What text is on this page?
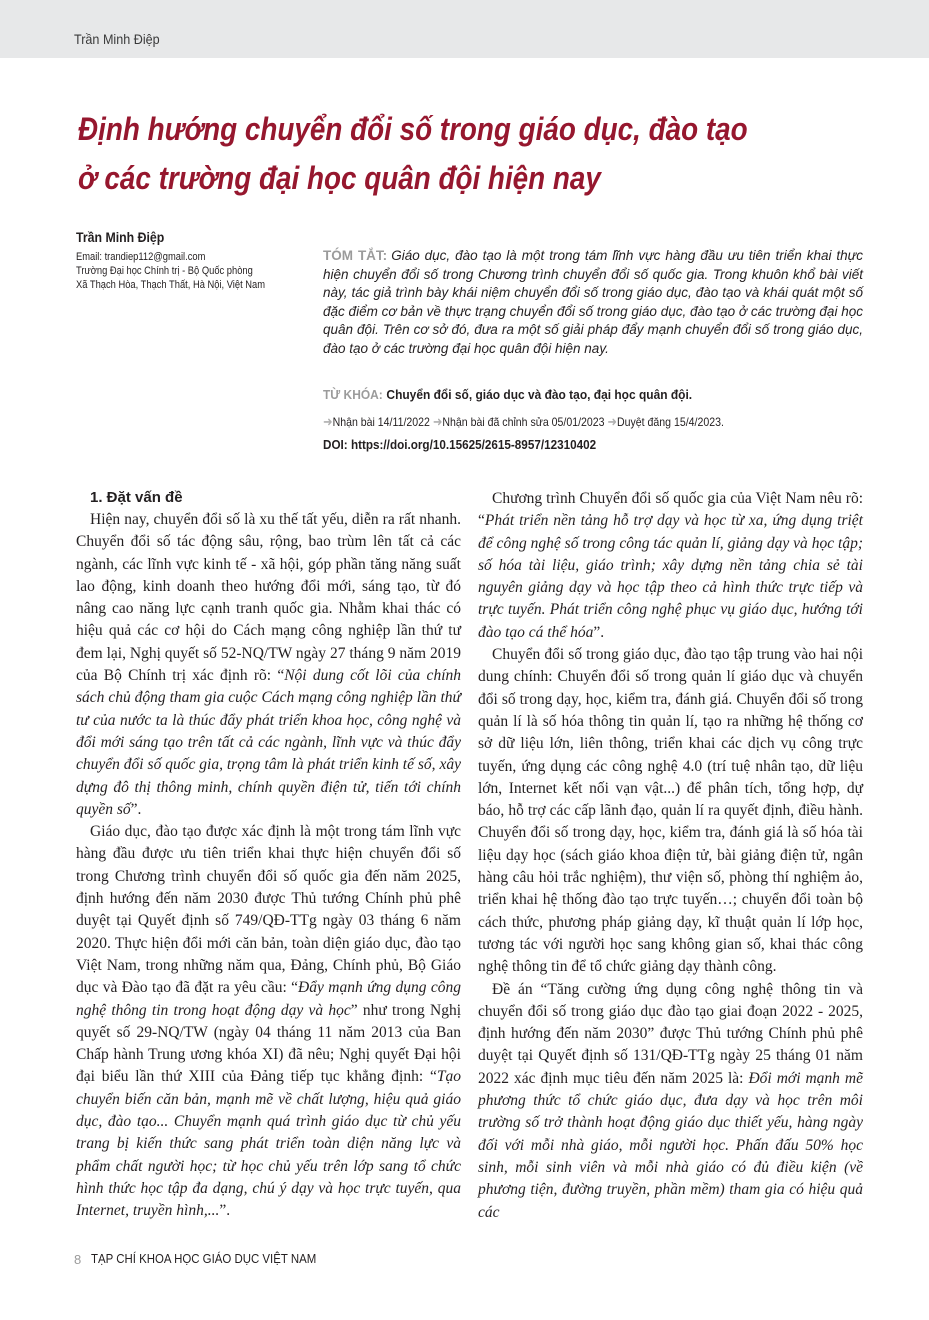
Trần Minh Điệp
Định hướng chuyển đổi số trong giáo dục, đào tạo
ở các trường đại học quân đội hiện nay
Trần Minh Điệp
Email: trandiep112@gmail.com
Trường Đại học Chính trị - Bộ Quốc phòng
Xã Thạch Hòa, Thạch Thất, Hà Nội, Việt Nam

TÓM TẮT: Giáo dục, đào tạo là một trong tám lĩnh vực hàng đầu ưu tiên triển khai thực hiện chuyển đổi số trong Chương trình chuyển đổi số quốc gia. Trong khuôn khổ bài viết này, tác giả trình bày khái niệm chuyển đổi số trong giáo dục, đào tạo và khái quát một số đặc điểm cơ bản về thực trạng chuyển đổi số trong giáo dục, đào tạo ở các trường đại học quân đội. Trên cơ sở đó, đưa ra một số giải pháp đẩy mạnh chuyển đổi số trong giáo dục, đào tạo ở các trường đại học quân đội hiện nay.

TỪ KHÓA: Chuyển đổi số, giáo dục và đào tạo, đại học quân đội.
➜Nhận bài 14/11/2022 ➜Nhận bài đã chỉnh sửa 05/01/2023 ➜Duyệt đăng 15/4/2023.
DOI: https://doi.org/10.15625/2615-8957/12310402
1. Đặt vấn đề

Hiện nay, chuyển đổi số là xu thế tất yếu, diễn ra rất nhanh. Chuyển đổi số tác động sâu, rộng, bao trùm lên tất cả các ngành, các lĩnh vực kinh tế - xã hội, góp phần tăng năng suất lao động, kinh doanh theo hướng đổi mới, sáng tạo, từ đó nâng cao năng lực cạnh tranh quốc gia. Nhằm khai thác có hiệu quả các cơ hội do Cách mạng công nghiệp lần thứ tư đem lại, Nghị quyết số 52-NQ/TW ngày 27 tháng 9 năm 2019 của Bộ Chính trị xác định rõ: “Nội dung cốt lõi của chính sách chủ động tham gia cuộc Cách mạng công nghiệp lần thứ tư của nước ta là thúc đẩy phát triển khoa học, công nghệ và đổi mới sáng tạo trên tất cả các ngành, lĩnh vực và thúc đẩy chuyển đổi số quốc gia, trọng tâm là phát triển kinh tế số, xây dựng đô thị thông minh, chính quyền điện tử, tiến tới chính quyền số”.

Giáo dục, đào tạo được xác định là một trong tám lĩnh vực hàng đầu được ưu tiên triển khai thực hiện chuyển đổi số trong Chương trình chuyển đổi số quốc gia đến năm 2025, định hướng đến năm 2030 được Thủ tướng Chính phủ phê duyệt tại Quyết định số 749/QĐ-TTg ngày 03 tháng 6 năm 2020. Thực hiện đổi mới căn bản, toàn diện giáo dục, đào tạo Việt Nam, trong những năm qua, Đảng, Chính phủ, Bộ Giáo dục và Đào tạo đã đặt ra yêu cầu: “Đẩy mạnh ứng dụng công nghệ thông tin trong hoạt động dạy và học” như trong Nghị quyết số 29-NQ/TW (ngày 04 tháng 11 năm 2013 của Ban Chấp hành Trung ương khóa XI) đã nêu; Nghị quyết Đại hội đại biểu lần thứ XIII của Đảng tiếp tục khẳng định: “Tạo chuyển biến căn bản, mạnh mẽ về chất lượng, hiệu quả giáo dục, đào tạo... Chuyển mạnh quá trình giáo dục từ chủ yếu trang bị kiến thức sang phát triển toàn diện năng lực và phẩm chất người học; từ học chủ yếu trên lớp sang tổ chức hình thức học tập đa dạng, chú ý dạy và học trực tuyến, qua Internet, truyền hình,...”.

Chương trình Chuyển đổi số quốc gia của Việt Nam nêu rõ: “Phát triển nền tảng hỗ trợ dạy và học từ xa, ứng dụng triệt để công nghệ số trong công tác quản lí, giảng dạy và học tập; số hóa tài liệu, giáo trình; xây dựng nền tảng chia sẻ tài nguyên giảng dạy và học tập theo cả hình thức trực tiếp và trực tuyến. Phát triển công nghệ phục vụ giáo dục, hướng tới đào tạo cá thể hóa”.

Chuyển đổi số trong giáo dục, đào tạo tập trung vào hai nội dung chính: Chuyển đổi số trong quản lí giáo dục và chuyển đổi số trong dạy, học, kiểm tra, đánh giá. Chuyển đổi số trong quản lí là số hóa thông tin quản lí, tạo ra những hệ thống cơ sở dữ liệu lớn, liên thông, triển khai các dịch vụ công trực tuyến, ứng dụng các công nghệ 4.0 (trí tuệ nhân tạo, dữ liệu lớn, Internet kết nối vạn vật...) để phân tích, tổng hợp, dự báo, hỗ trợ các cấp lãnh đạo, quản lí ra quyết định, điều hành. Chuyển đổi số trong dạy, học, kiểm tra, đánh giá là số hóa tài liệu dạy học (sách giáo khoa điện tử, bài giảng điện tử, ngân hàng câu hỏi trắc nghiệm), thư viện số, phòng thí nghiệm ảo, triển khai hệ thống đào tạo trực tuyến…; chuyển đổi toàn bộ cách thức, phương pháp giảng dạy, kĩ thuật quản lí lớp học, tương tác với người học sang không gian số, khai thác công nghệ thông tin để tổ chức giảng dạy thành công.

Đề án “Tăng cường ứng dụng công nghệ thông tin và chuyển đổi số trong giáo dục đào tạo giai đoạn 2022 - 2025, định hướng đến năm 2030” được Thủ tướng Chính phủ phê duyệt tại Quyết định số 131/QĐ-TTg ngày 25 tháng 01 năm 2022 xác định mục tiêu đến năm 2025 là: Đổi mới mạnh mẽ phương thức tổ chức giáo dục, đưa dạy và học trên môi trường số trở thành hoạt động giáo dục thiết yếu, hàng ngày đối với mỗi nhà giáo, mỗi người học. Phấn đấu 50% học sinh, mỗi sinh viên và mỗi nhà giáo có đủ điều kiện (về phương tiện, đường truyền, phần mềm) tham gia có hiệu quả các

8 TẠP CHÍ KHOA HỌC GIÁO DỤC VIỆT NAM
